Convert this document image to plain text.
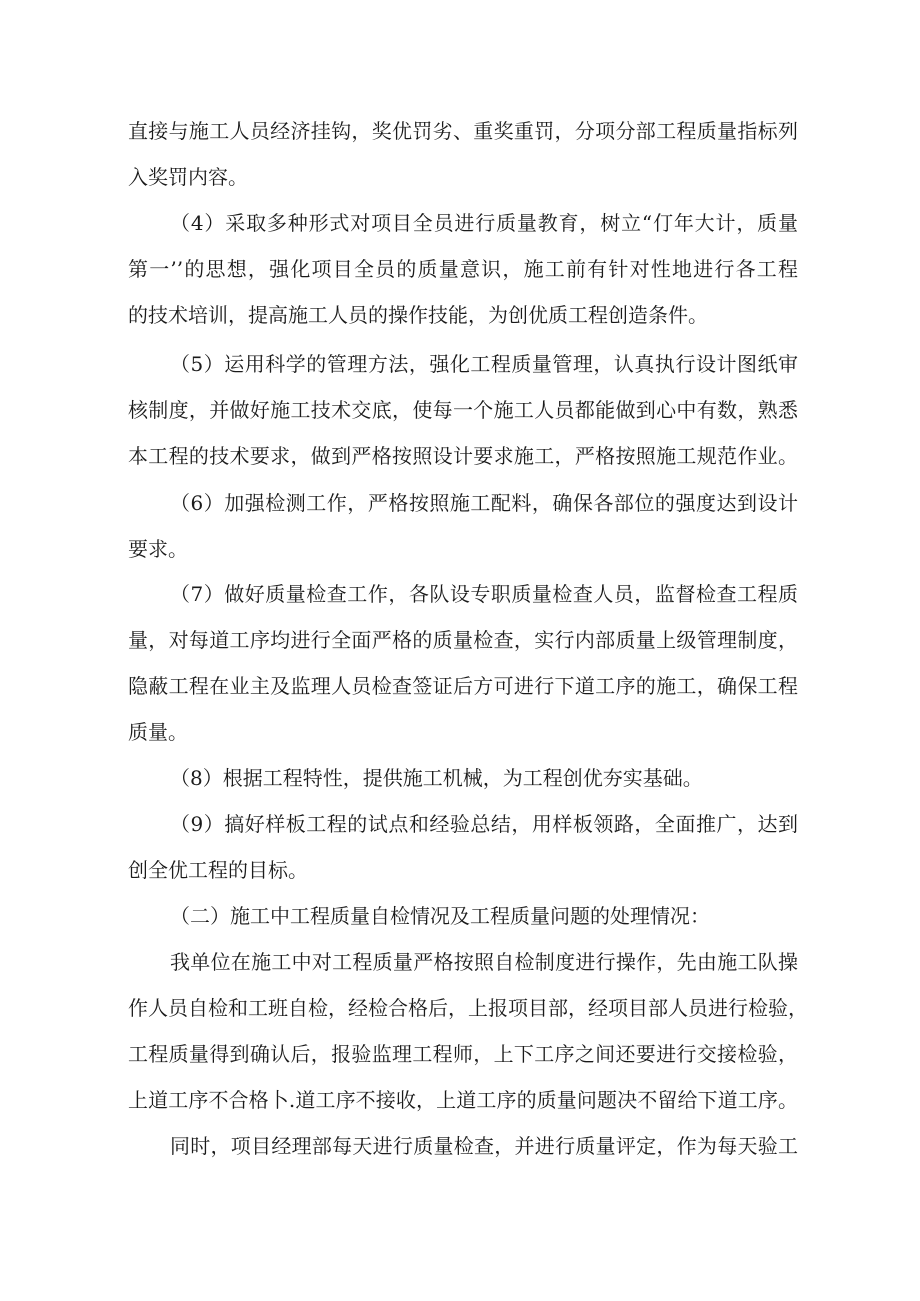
直接与施工人员经济挂钩，奖优罚劣、重奖重罚，分项分部工程质量指标列
入奖罚内容。
（4）采取多种形式对项目全员进行质量教育，树立“仃年大计，质量
第一’’的思想，强化项目全员的质量意识，施工前有针对性地进行各工程
的技术培训，提高施工人员的操作技能，为创优质工程创造条件。
（5）运用科学的管理方法，强化工程质量管理，认真执行设计图纸审
核制度，并做好施工技术交底，使每一个施工人员都能做到心中有数，熟悉
本工程的技术要求，做到严格按照设计要求施工，严格按照施工规范作业。
（6）加强检测工作，严格按照施工配料，确保各部位的强度达到设计
要求。
（7）做好质量检查工作，各队设专职质量检查人员，监督检查工程质
量，对每道工序均进行全面严格的质量检查，实行内部质量上级管理制度，
隐蔽工程在业主及监理人员检查签证后方可进行下道工序的施工，确保工程
质量。
（8）根据工程特性，提供施工机械，为工程创优夯实基础。
（9）搞好样板工程的试点和经验总结，用样板领路，全面推广，达到
创全优工程的目标。
（二）施工中工程质量自检情况及工程质量问题的处理情况：
我单位在施工中对工程质量严格按照自检制度进行操作，先由施工队操
作人员自检和工班自检，经检合格后，上报项目部，经项目部人员进行检验，
工程质量得到确认后，报验监理工程师，上下工序之间还要进行交接检验，
上道工序不合格卜.道工序不接收，上道工序的质量问题决不留给下道工序。
同时，项目经理部每天进行质量检查，并进行质量评定，作为每天验工
